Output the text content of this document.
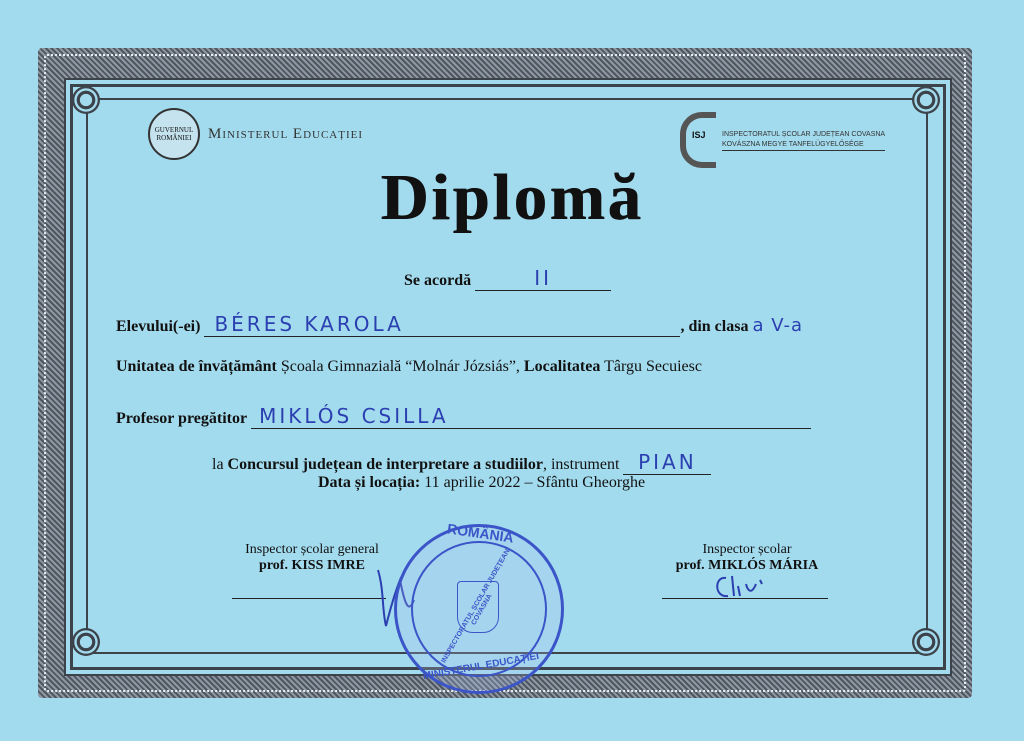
GUVERNUL ROMÂNIEI	Ministerul Educației	ISJ INSPECTORATUL ȘCOLAR JUDEȚEAN COVASNA
KOVÁSZNA MEGYE TANFELÜGYELŐSÉGE
Diplomă
Se acordă	II
Elevului(-ei) BÉRES KAROLA	, din clasa a V-a
Unitatea de învățământ Școala Gimnazială “Molnár Józsiás”, Localitatea Târgu Secuiesc
Profesor pregătitor MIKLÓS CSILLA
la Concursul județean de interpretare a studiilor, instrument PIAN
Data și locația: 11 aprilie 2022 – Sfântu Gheorghe
Inspector școlar general
prof. KISS IMRE
Inspector școlar
prof. MIKLÓS MÁRIA
ROMÂNIA
INSPECTORATUL ȘCOLAR JUDEȚEAN COVASNA
MINISTERUL EDUCAȚIEI
